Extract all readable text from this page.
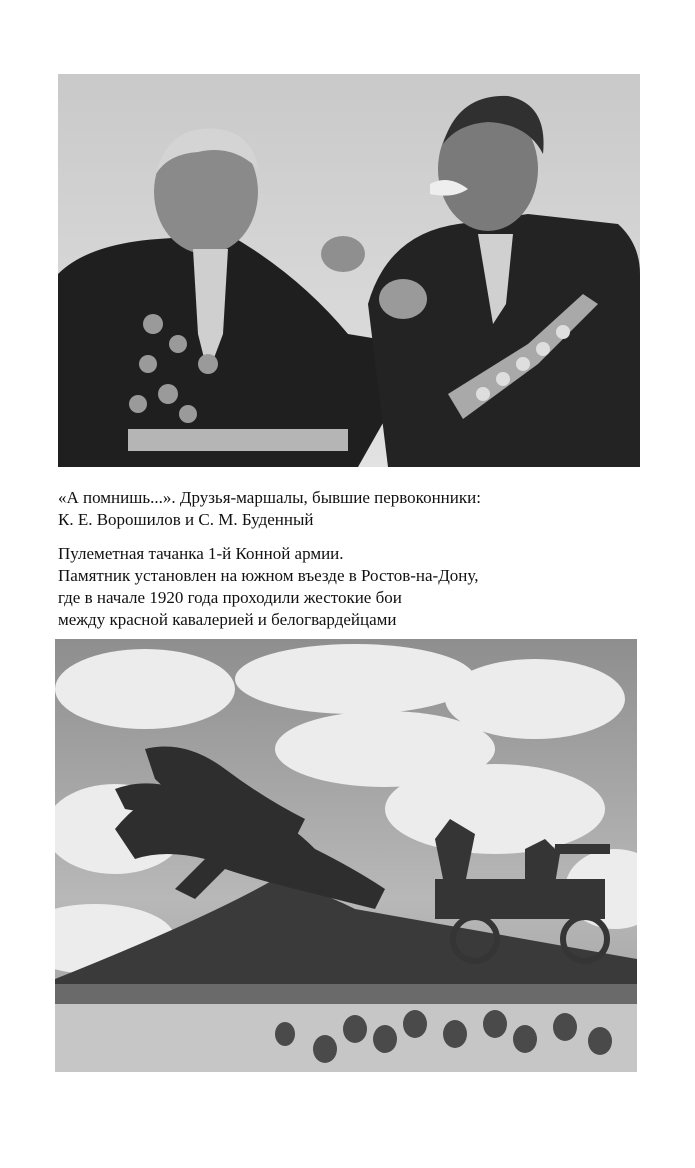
«А помнишь...». Друзья-маршалы, бывшие первоконники:
К. Е. Ворошилов и С. М. Буденный
Пулеметная тачанка 1-й Конной армии.
Памятник установлен на южном въезде в Ростов-на-Дону,
где в начале 1920 года проходили жестокие бои
между красной кавалерией и белогвардейцами
